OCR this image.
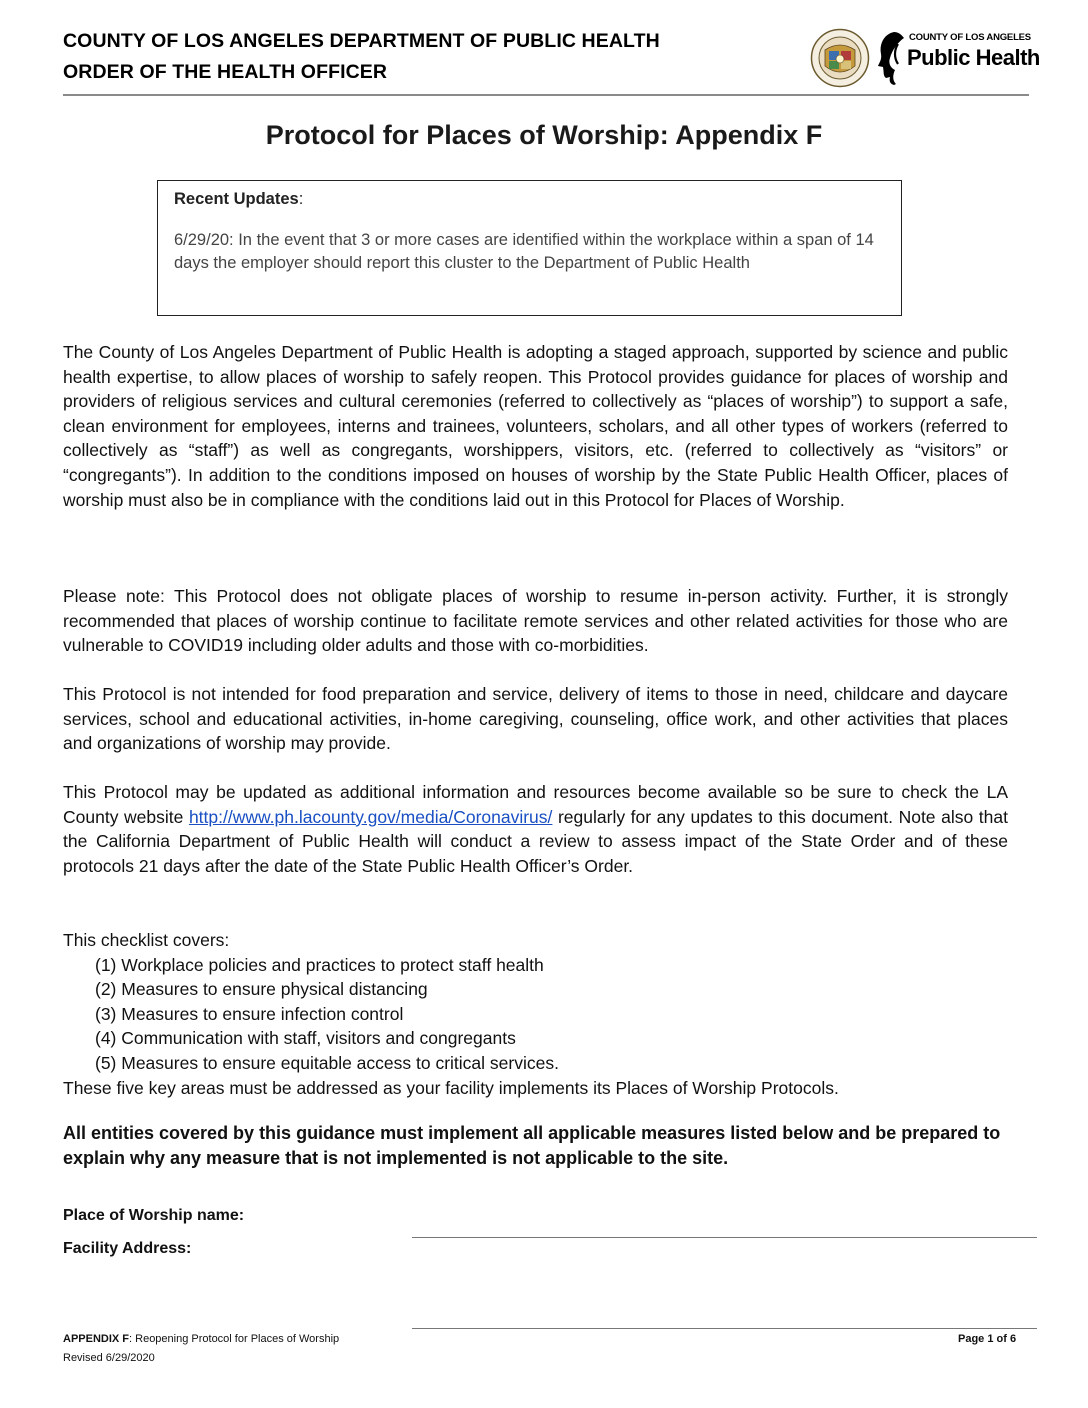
COUNTY OF LOS ANGELES DEPARTMENT OF PUBLIC HEALTH
ORDER OF THE HEALTH OFFICER
COUNTY OF LOS ANGELES
Public Health
Protocol for Places of Worship: Appendix F
Recent Updates:
6/29/20: In the event that 3 or more cases are identified within the workplace within a span of 14 days the employer should report this cluster to the Department of Public Health
The County of Los Angeles Department of Public Health is adopting a staged approach, supported by science and public health expertise, to allow places of worship to safely reopen. This Protocol provides guidance for places of worship and providers of religious services and cultural ceremonies (referred to collectively as “places of worship”) to support a safe, clean environment for employees, interns and trainees, volunteers, scholars, and all other types of workers (referred to collectively as “staff”) as well as congregants, worshippers, visitors, etc. (referred to collectively as “visitors” or “congregants”). In addition to the conditions imposed on houses of worship by the State Public Health Officer, places of worship must also be in compliance with the conditions laid out in this Protocol for Places of Worship.
Please note: This Protocol does not obligate places of worship to resume in-person activity. Further, it is strongly recommended that places of worship continue to facilitate remote services and other related activities for those who are vulnerable to COVID19 including older adults and those with co-morbidities.
This Protocol is not intended for food preparation and service, delivery of items to those in need, childcare and daycare services, school and educational activities, in-home caregiving, counseling, office work, and other activities that places and organizations of worship may provide.
This Protocol may be updated as additional information and resources become available so be sure to check the LA County website http://www.ph.lacounty.gov/media/Coronavirus/ regularly for any updates to this document. Note also that the California Department of Public Health will conduct a review to assess impact of the State Order and of these protocols 21 days after the date of the State Public Health Officer’s Order.
This checklist covers:
(1) Workplace policies and practices to protect staff health
(2) Measures to ensure physical distancing
(3) Measures to ensure infection control
(4) Communication with staff, visitors and congregants
(5) Measures to ensure equitable access to critical services.
These five key areas must be addressed as your facility implements its Places of Worship Protocols.
All entities covered by this guidance must implement all applicable measures listed below and be prepared to explain why any measure that is not implemented is not applicable to the site.
Place of Worship name:
Facility Address:
APPENDIX F: Reopening Protocol for Places of Worship
Revised 6/29/2020
Page 1 of 6
